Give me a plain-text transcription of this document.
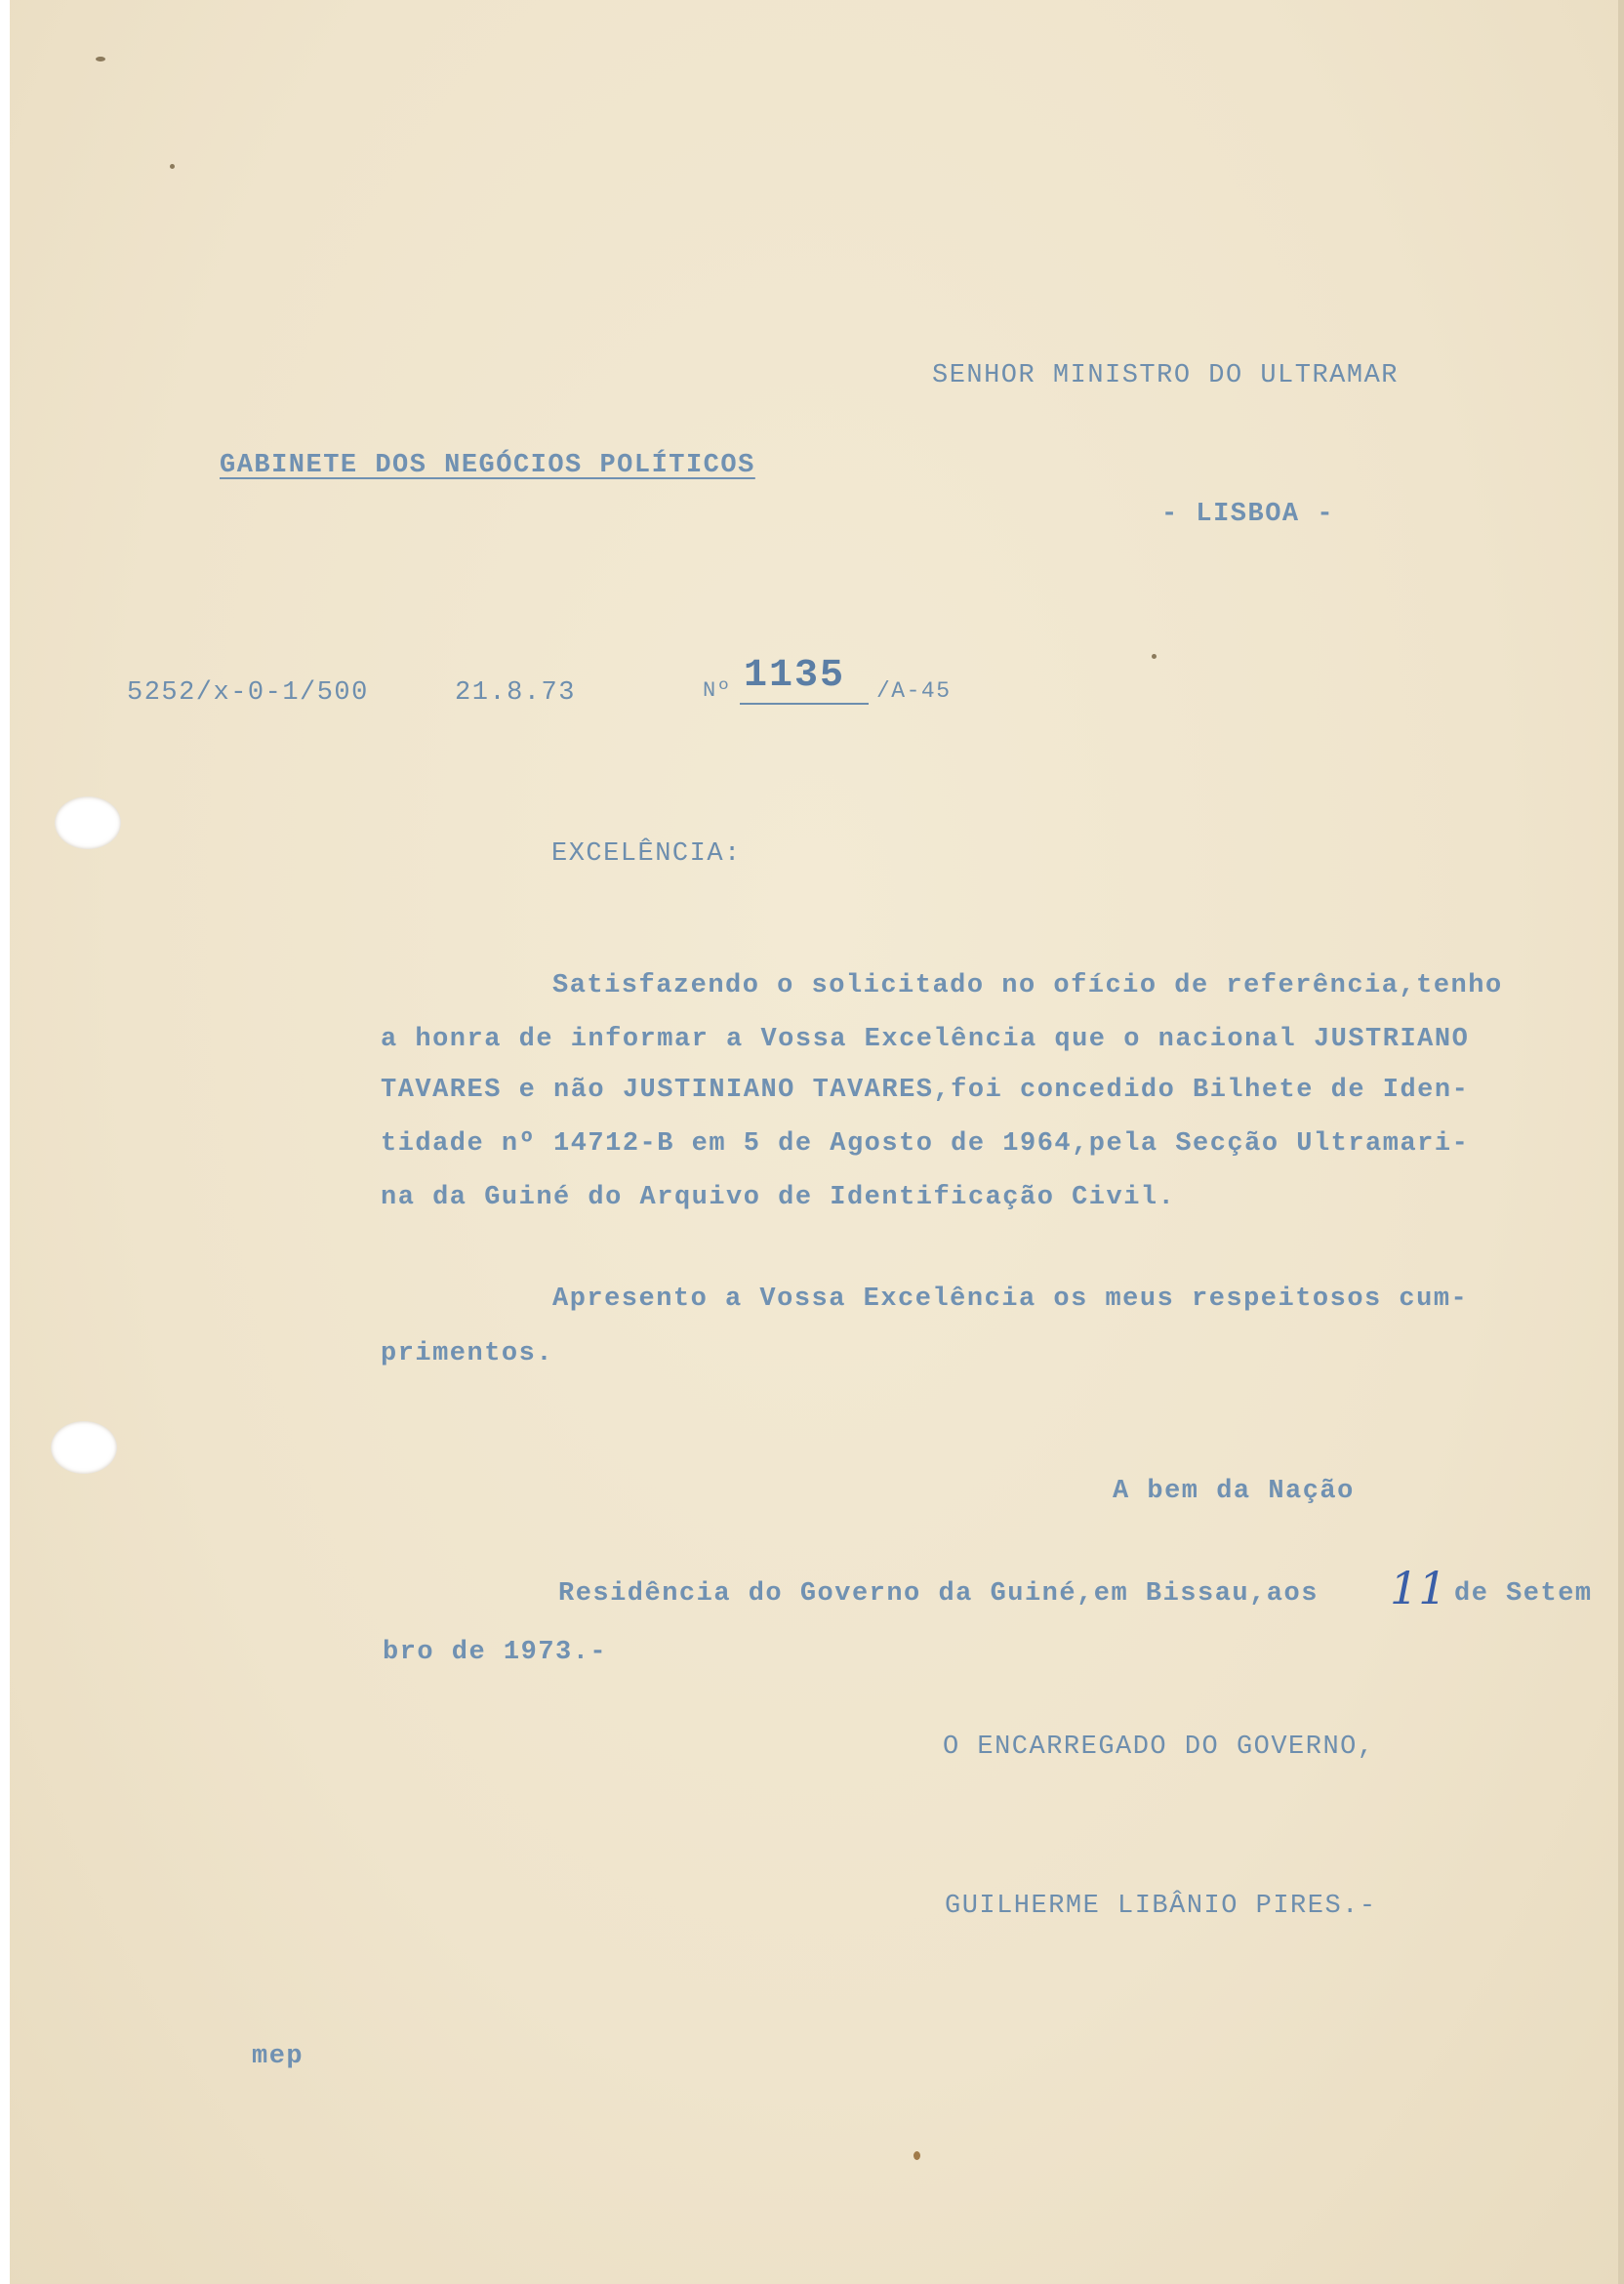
SENHOR MINISTRO DO ULTRAMAR
GABINETE DOS NEGÓCIOS POLÍTICOS
- LISBOA -
5252/x-0-1/500	21.8.73	Nº 1135 /A-45
EXCELÊNCIA:
Satisfazendo o solicitado no ofício de referência,tenho
a honra de informar a Vossa Excelência que o nacional JUSTRIANO
TAVARES e não JUSTINIANO TAVARES,foi concedido Bilhete de Iden-
tidade nº 14712-B em 5 de Agosto de 1964,pela Secção Ultramari-
na da Guiné do Arquivo de Identificação Civil.
Apresento a Vossa Excelência os meus respeitosos cum-
primentos.
A bem da Nação
Residência do Governo da Guiné,em Bissau,aos 11 de Setem
bro de 1973.-
O ENCARREGADO DO GOVERNO,
GUILHERME LIBÂNIO PIRES.-
mep
